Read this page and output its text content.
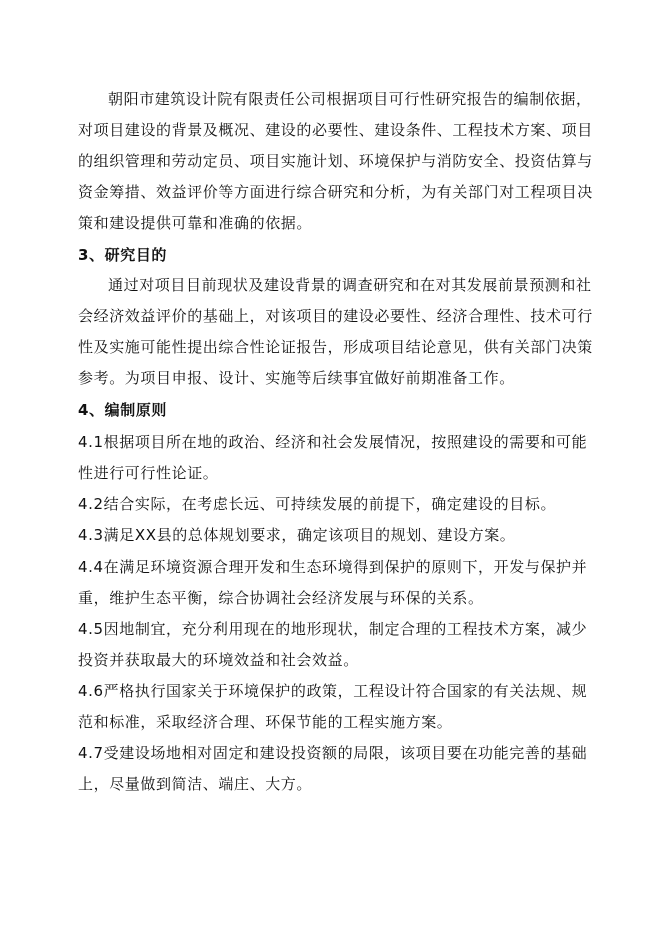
朝阳市建筑设计院有限责任公司根据项目可行性研究报告的编制依据，对项目建设的背景及概况、建设的必要性、建设条件、工程技术方案、项目的组织管理和劳动定员、项目实施计划、环境保护与消防安全、投资估算与资金筹措、效益评价等方面进行综合研究和分析，为有关部门对工程项目决策和建设提供可靠和准确的依据。
3、研究目的
通过对项目目前现状及建设背景的调查研究和在对其发展前景预测和社会经济效益评价的基础上，对该项目的建设必要性、经济合理性、技术可行性及实施可能性提出综合性论证报告，形成项目结论意见，供有关部门决策参考。为项目申报、设计、实施等后续事宜做好前期准备工作。
4、编制原则
4.1根据项目所在地的政治、经济和社会发展情况，按照建设的需要和可能性进行可行性论证。
4.2结合实际，在考虑长远、可持续发展的前提下，确定建设的目标。
4.3满足XX县的总体规划要求，确定该项目的规划、建设方案。
4.4在满足环境资源合理开发和生态环境得到保护的原则下，开发与保护并重，维护生态平衡，综合协调社会经济发展与环保的关系。
4.5因地制宜，充分利用现在的地形现状，制定合理的工程技术方案，减少投资并获取最大的环境效益和社会效益。
4.6严格执行国家关于环境保护的政策，工程设计符合国家的有关法规、规范和标准，采取经济合理、环保节能的工程实施方案。
4.7受建设场地相对固定和建设投资额的局限，该项目要在功能完善的基础上，尽量做到简洁、端庄、大方。
